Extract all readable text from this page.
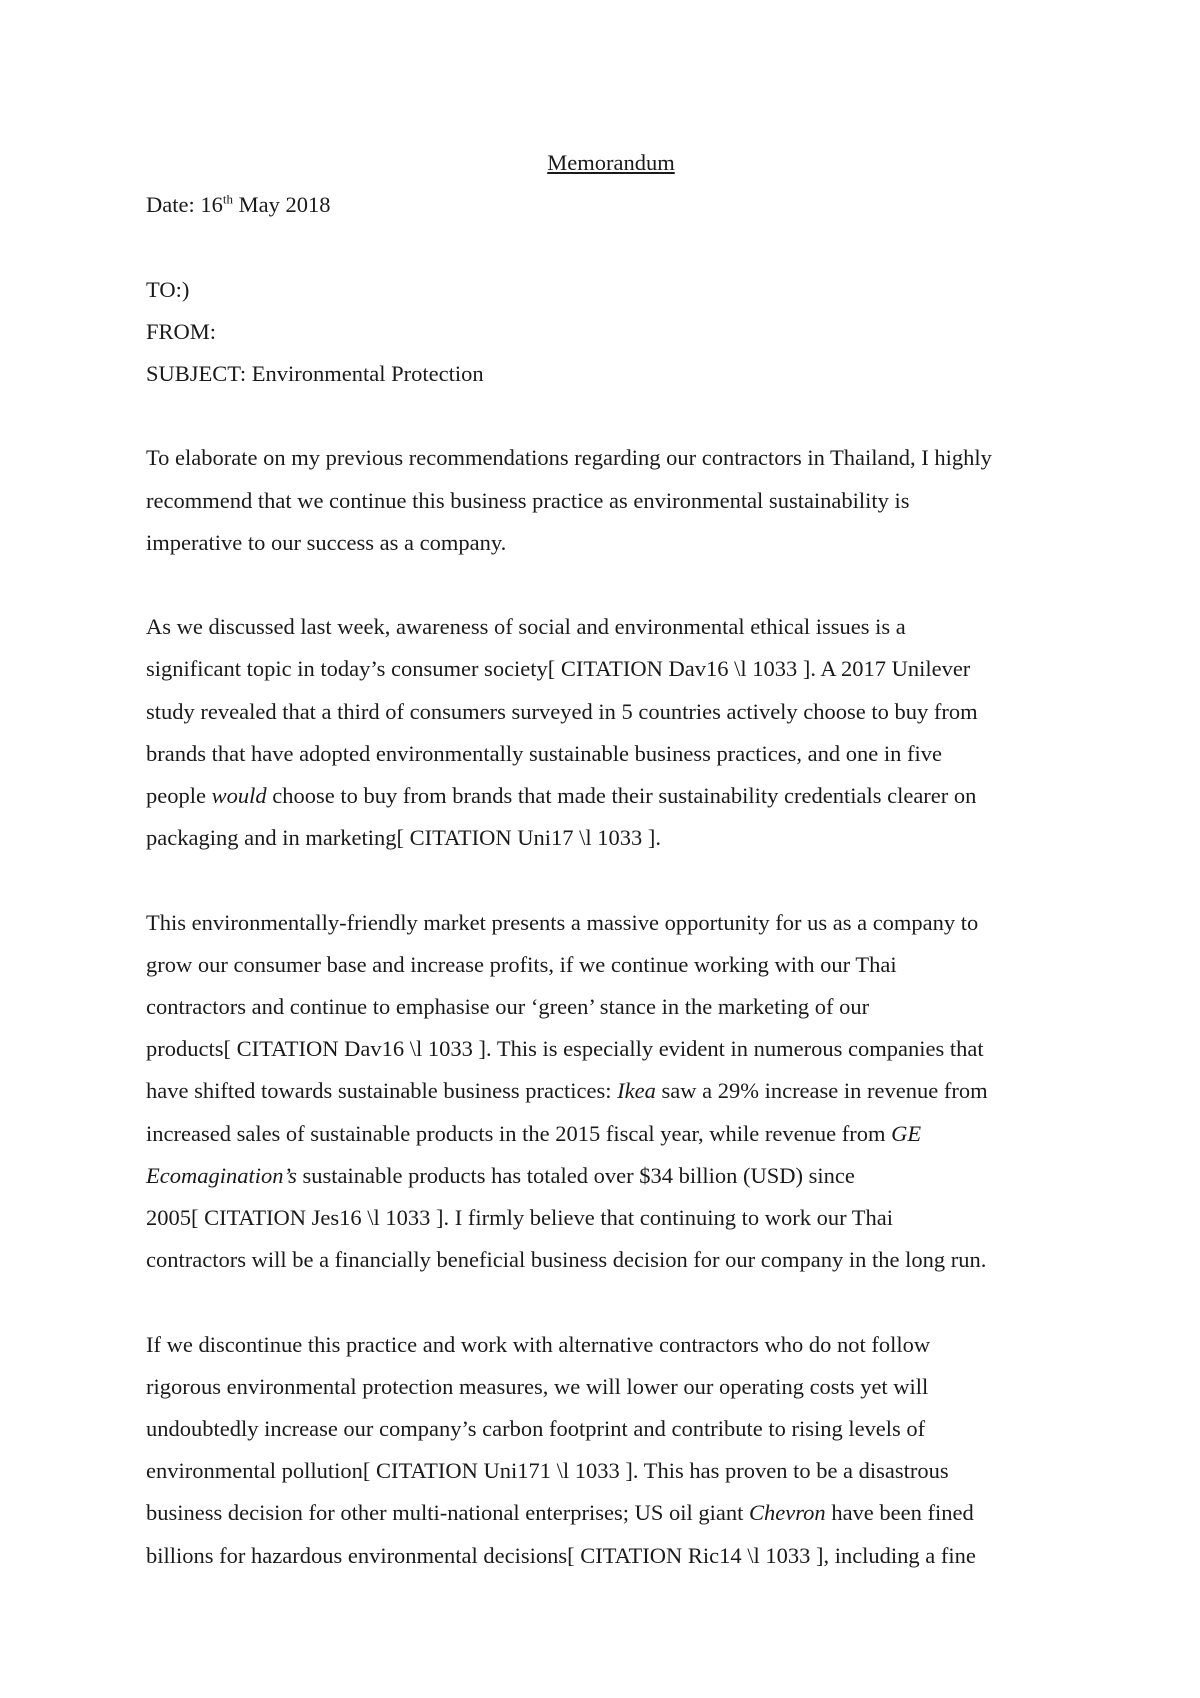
Memorandum

Date: 16th May 2018

TO:)

FROM:

SUBJECT: Environmental Protection

To elaborate on my previous recommendations regarding our contractors in Thailand, I highly

recommend that we continue this business practice as environmental sustainability is

imperative to our success as a company.

As we discussed last week, awareness of social and environmental ethical issues is a

significant topic in today’s consumer society[ CITATION Dav16 \l 1033 ]. A 2017 Unilever

study revealed that a third of consumers surveyed in 5 countries actively choose to buy from

brands that have adopted environmentally sustainable business practices, and one in five

people would choose to buy from brands that made their sustainability credentials clearer on

packaging and in marketing[ CITATION Uni17 \l 1033 ].

This environmentally-friendly market presents a massive opportunity for us as a company to

grow our consumer base and increase profits, if we continue working with our Thai

contractors and continue to emphasise our ‘green’ stance in the marketing of our

products[ CITATION Dav16 \l 1033 ]. This is especially evident in numerous companies that

have shifted towards sustainable business practices: Ikea saw a 29% increase in revenue from

increased sales of sustainable products in the 2015 fiscal year, while revenue from GE

Ecomagination’s sustainable products has totaled over $34 billion (USD) since

2005[ CITATION Jes16 \l 1033 ]. I firmly believe that continuing to work our Thai

contractors will be a financially beneficial business decision for our company in the long run.

If we discontinue this practice and work with alternative contractors who do not follow

rigorous environmental protection measures, we will lower our operating costs yet will

undoubtedly increase our company’s carbon footprint and contribute to rising levels of

environmental pollution[ CITATION Uni171 \l 1033 ]. This has proven to be a disastrous

business decision for other multi-national enterprises; US oil giant Chevron have been fined

billions for hazardous environmental decisions[ CITATION Ric14 \l 1033 ], including a fine
